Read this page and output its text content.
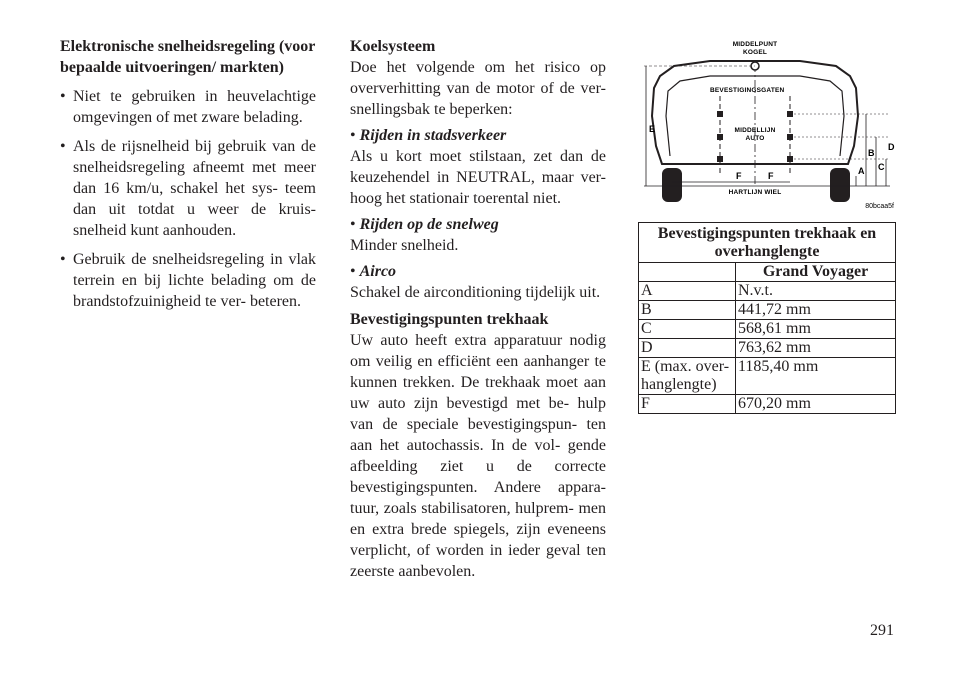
Elektronische snelheidsregeling (voor bepaalde uitvoeringen/ markten)
• Niet te gebruiken in heuvelachtige omgevingen of met zware belading.
• Als de rijsnelheid bij gebruik van de snelheidsregeling afneemt met meer dan 16 km/u, schakel het sys- teem dan uit totdat u weer de kruis- snelheid kunt aanhouden.
• Gebruik de snelheidsregeling in vlak terrein en bij lichte belading om de brandstofzuinigheid te ver- beteren.
Koelsysteem

Doe het volgende om het risico op oververhitting van de motor of de ver- snellingsbak te beperken:

• Rijden in stadsverkeer

Als u kort moet stilstaan, zet dan de keuzehendel in NEUTRAL, maar ver- hoog het stationair toerental niet.

• Rijden op de snelweg

Minder snelheid.

• Airco

Schakel de airconditioning tijdelijk uit.

Bevestigingspunten trekhaak

Uw auto heeft extra apparatuur nodig om veilig en efficiënt een aanhanger te kunnen trekken. De trekhaak moet aan uw auto zijn bevestigd met be- hulp van de speciale bevestigingspun- ten aan het autochassis. In de vol- gende afbeelding ziet u de correcte bevestigingspunten. Andere appara- tuur, zoals stabilisatoren, hulprem- men en extra brede spiegels, zijn eveneens verplicht, of worden in ieder geval ten zeerste aanbevolen.

MIDDELPUNT
KOGEL
BEVESTIGINGSGATEN
MIDDELLIJN
AUTO
HARTLIJN WIEL
E
A
B
C
D
F	F
80bcaa5f
Bevestigingspunten trekhaak en overhanglengte	
	Grand Voyager
A	N.v.t.
B	441,72 mm
C	568,61 mm
D	763,62 mm
E (max. over- hanglengte)	1185,40 mm
F	670,20 mm
291
